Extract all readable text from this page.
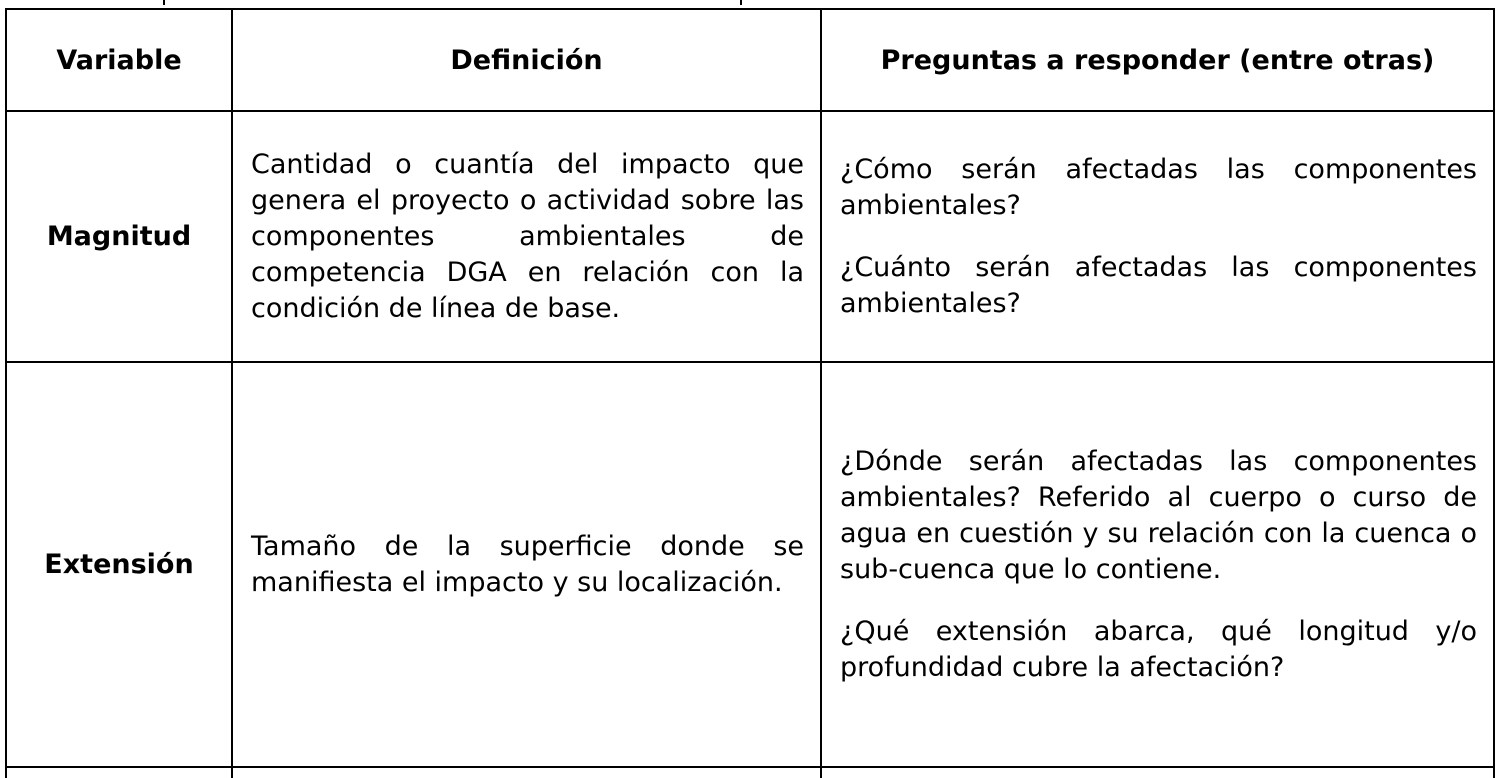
Variable	Definición	Preguntas a responder (entre otras)
Magnitud	Cantidad o cuantía del impacto que genera el proyecto o actividad sobre las componentes ambientales de competencia DGA en relación con la condición de línea de base.	¿Cómo serán afectadas las componentes ambientales?

¿Cuánto serán afectadas las componentes ambientales?

Extensión	Tamaño de la superficie donde se manifiesta el impacto y su localización.	¿Dónde serán afectadas las componentes ambientales? Referido al cuerpo o curso de agua en cuestión y su relación con la cuenca o sub-cuenca que lo contiene.

¿Qué extensión abarca, qué longitud y/o profundidad cubre la afectación?
